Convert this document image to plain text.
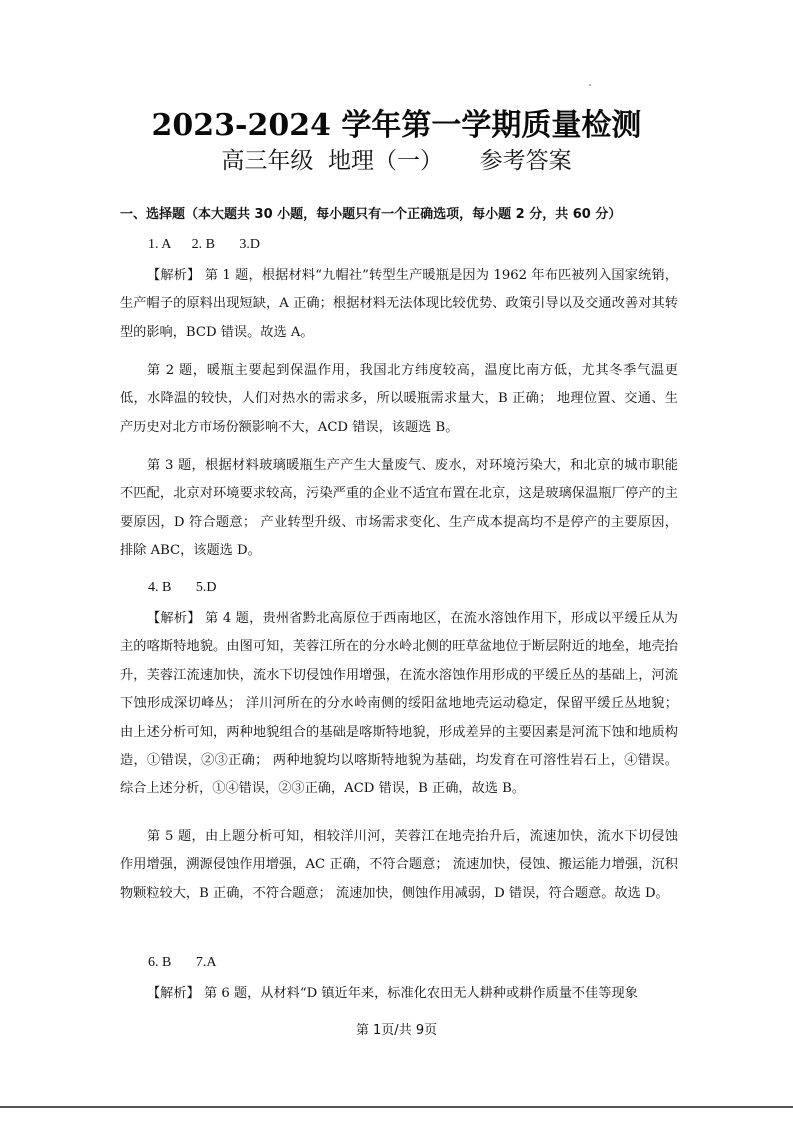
2023-2024 学年第一学期质量检测
高三年级  地理（一）     参考答案
一、选择题（本大题共 30 小题，每小题只有一个正确选项，每小题 2 分，共 60 分）
1. A      2. B       3.D
【解析】 第 1 题，根据材料“九帽社”转型生产暖瓶是因为 1962 年布匹被列入国家统销，生产帽子的原料出现短缺，A 正确；根据材料无法体现比较优势、政策引导以及交通改善对其转型的影响，BCD 错误。故选 A。
第 2 题，暖瓶主要起到保温作用，我国北方纬度较高，温度比南方低，尤其冬季气温更低，水降温的较快，人们对热水的需求多，所以暖瓶需求量大，B 正确； 地理位置、交通、生产历史对北方市场份额影响不大，ACD 错误，该题选 B。
第 3 题，根据材料玻璃暖瓶生产产生大量废气、废水，对环境污染大，和北京的城市职能不匹配，北京对环境要求较高，污染严重的企业不适宜布置在北京，这是玻璃保温瓶厂停产的主要原因，D 符合题意； 产业转型升级、市场需求变化、生产成本提高均不是停产的主要原因，排除 ABC，该题选 D。
4. B       5.D
【解析】 第 4 题，贵州省黔北高原位于西南地区，在流水溶蚀作用下，形成以平缓丘从为主的喀斯特地貌。由图可知，芙蓉江所在的分水岭北侧的旺草盆地位于断层附近的地垒，地壳抬升，芙蓉江流速加快，流水下切侵蚀作用增强，在流水溶蚀作用形成的平缓丘丛的基础上，河流下蚀形成深切峰丛； 洋川河所在的分水岭南侧的绥阳盆地地壳运动稳定，保留平缓丘丛地貌；由上述分析可知，两种地貌组合的基础是喀斯特地貌，形成差异的主要因素是河流下蚀和地质构造，①错误，②③正确； 两种地貌均以喀斯特地貌为基础，均发育在可溶性岩石上，④错误。综合上述分析，①④错误，②③正确，ACD 错误，B 正确，故选 B。
第 5 题，由上题分析可知，相较洋川河，芙蓉江在地壳抬升后，流速加快，流水下切侵蚀作用增强，溯源侵蚀作用增强，AC 正确，不符合题意； 流速加快，侵蚀、搬运能力增强，沉积物颗粒较大，B 正确，不符合题意； 流速加快，侧蚀作用减弱，D 错误，符合题意。故选 D。
6. B       7.A
【解析】 第 6 题，从材料“D 镇近年来，标准化农田无人耕种或耕作质量不佳等现象
第 1页/共 9页
